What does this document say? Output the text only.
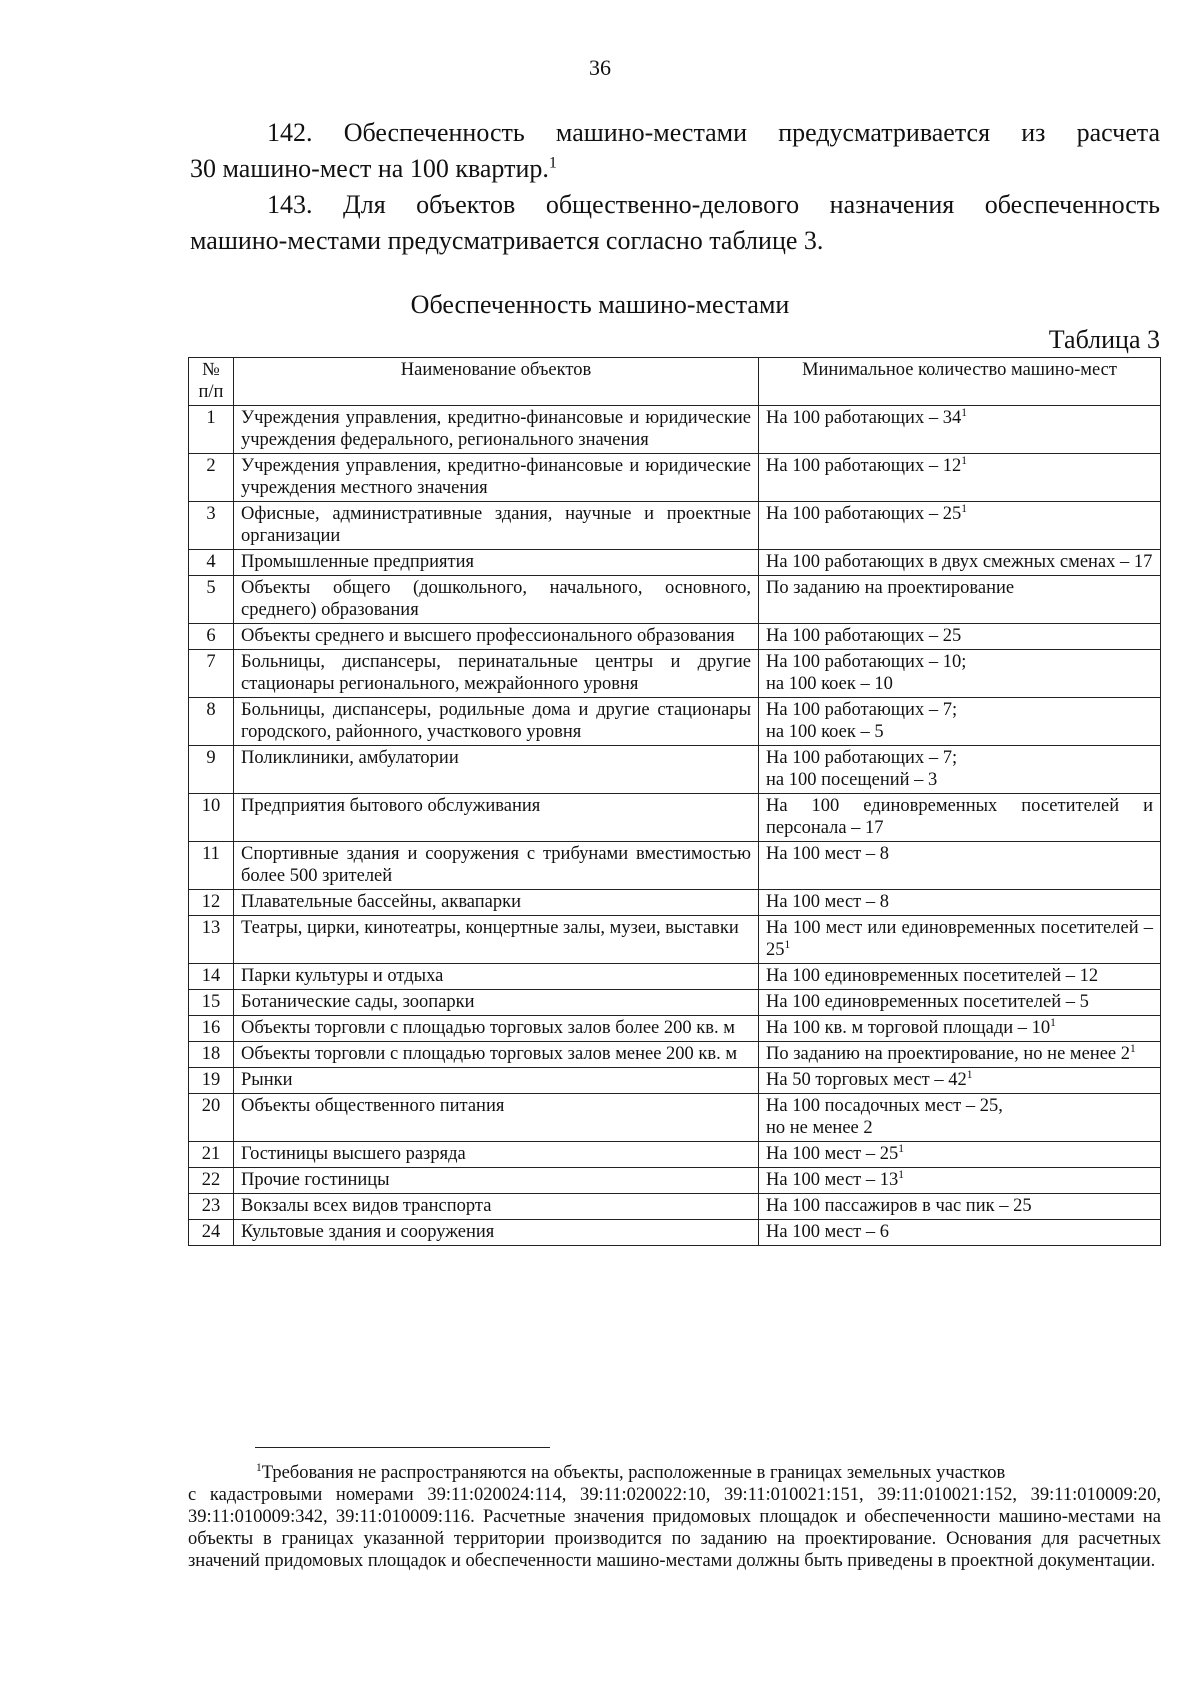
36
142. Обеспеченность машино-местами предусматривается из расчета
30 машино-мест на 100 квартир.$^1$
143. Для объектов общественно-делового назначения обеспеченность
машино-местами предусматривается согласно таблице 3.
Обеспеченность машино-местами
Таблица 3
№
п/п	Наименование объектов	Минимальное количество машино-мест
1	Учреждения управления, кредитно-финансовые и юридические учреждения федерального, регионального значения	На 100 работающих – $34^1$
2	Учреждения управления, кредитно-финансовые и юридические учреждения местного значения	На 100 работающих – $12^1$
3	Офисные, административные здания, научные и проектные организации	На 100 работающих – $25^1$
4	Промышленные предприятия	На 100 работающих в двух смежных сменах – 17
5	Объекты общего (дошкольного, начального, основного, среднего) образования	По заданию на проектирование
6	Объекты среднего и высшего профессионального образования	На 100 работающих – 25
7	Больницы, диспансеры, перинатальные центры и другие стационары регионального, межрайонного уровня	На 100 работающих – 10;
на 100 коек – 10
8	Больницы, диспансеры, родильные дома и другие стационары городского, районного, участкового уровня	На 100 работающих – 7;
на 100 коек – 5
9	Поликлиники, амбулатории	На 100 работающих – 7;
на 100 посещений – 3
10	Предприятия бытового обслуживания	На 100 единовременных посетителей и персонала – 17
11	Спортивные здания и сооружения с трибунами вместимостью более 500 зрителей	На 100 мест – 8
12	Плавательные бассейны, аквапарки	На 100 мест – 8
13	Театры, цирки, кинотеатры, концертные залы, музеи, выставки	На 100 мест или единовременных посетителей – $25^1$
14	Парки культуры и отдыха	На 100 единовременных посетителей – 12
15	Ботанические сады, зоопарки	На 100 единовременных посетителей – 5
16	Объекты торговли с площадью торговых залов более 200 кв. м	На 100 кв. м торговой площади – $10^1$
18	Объекты торговли с площадью торговых залов менее 200 кв. м	По заданию на проектирование, но не менее $2^1$
19	Рынки	На 50 торговых мест – $42^1$
20	Объекты общественного питания	На 100 посадочных мест – 25,
но не менее 2
21	Гостиницы высшего разряда	На 100 мест – $25^1$
22	Прочие гостиницы	На 100 мест – $13^1$
23	Вокзалы всех видов транспорта	На 100 пассажиров в час пик – 25
24	Культовые здания и сооружения	На 100 мест – 6
$^1$Требования не распространяются на объекты, расположенные в границах земельных участков
с кадастровыми номерами 39:11:020024:114, 39:11:020022:10, 39:11:010021:151, 39:11:010021:152, 39:11:010009:20, 39:11:010009:342, 39:11:010009:116. Расчетные значения придомовых площадок и обеспеченности машино-местами на объекты в границах указанной территории производится по заданию на проектирование. Основания для расчетных значений придомовых площадок и обеспеченности машино-местами должны быть приведены в проектной документации.
